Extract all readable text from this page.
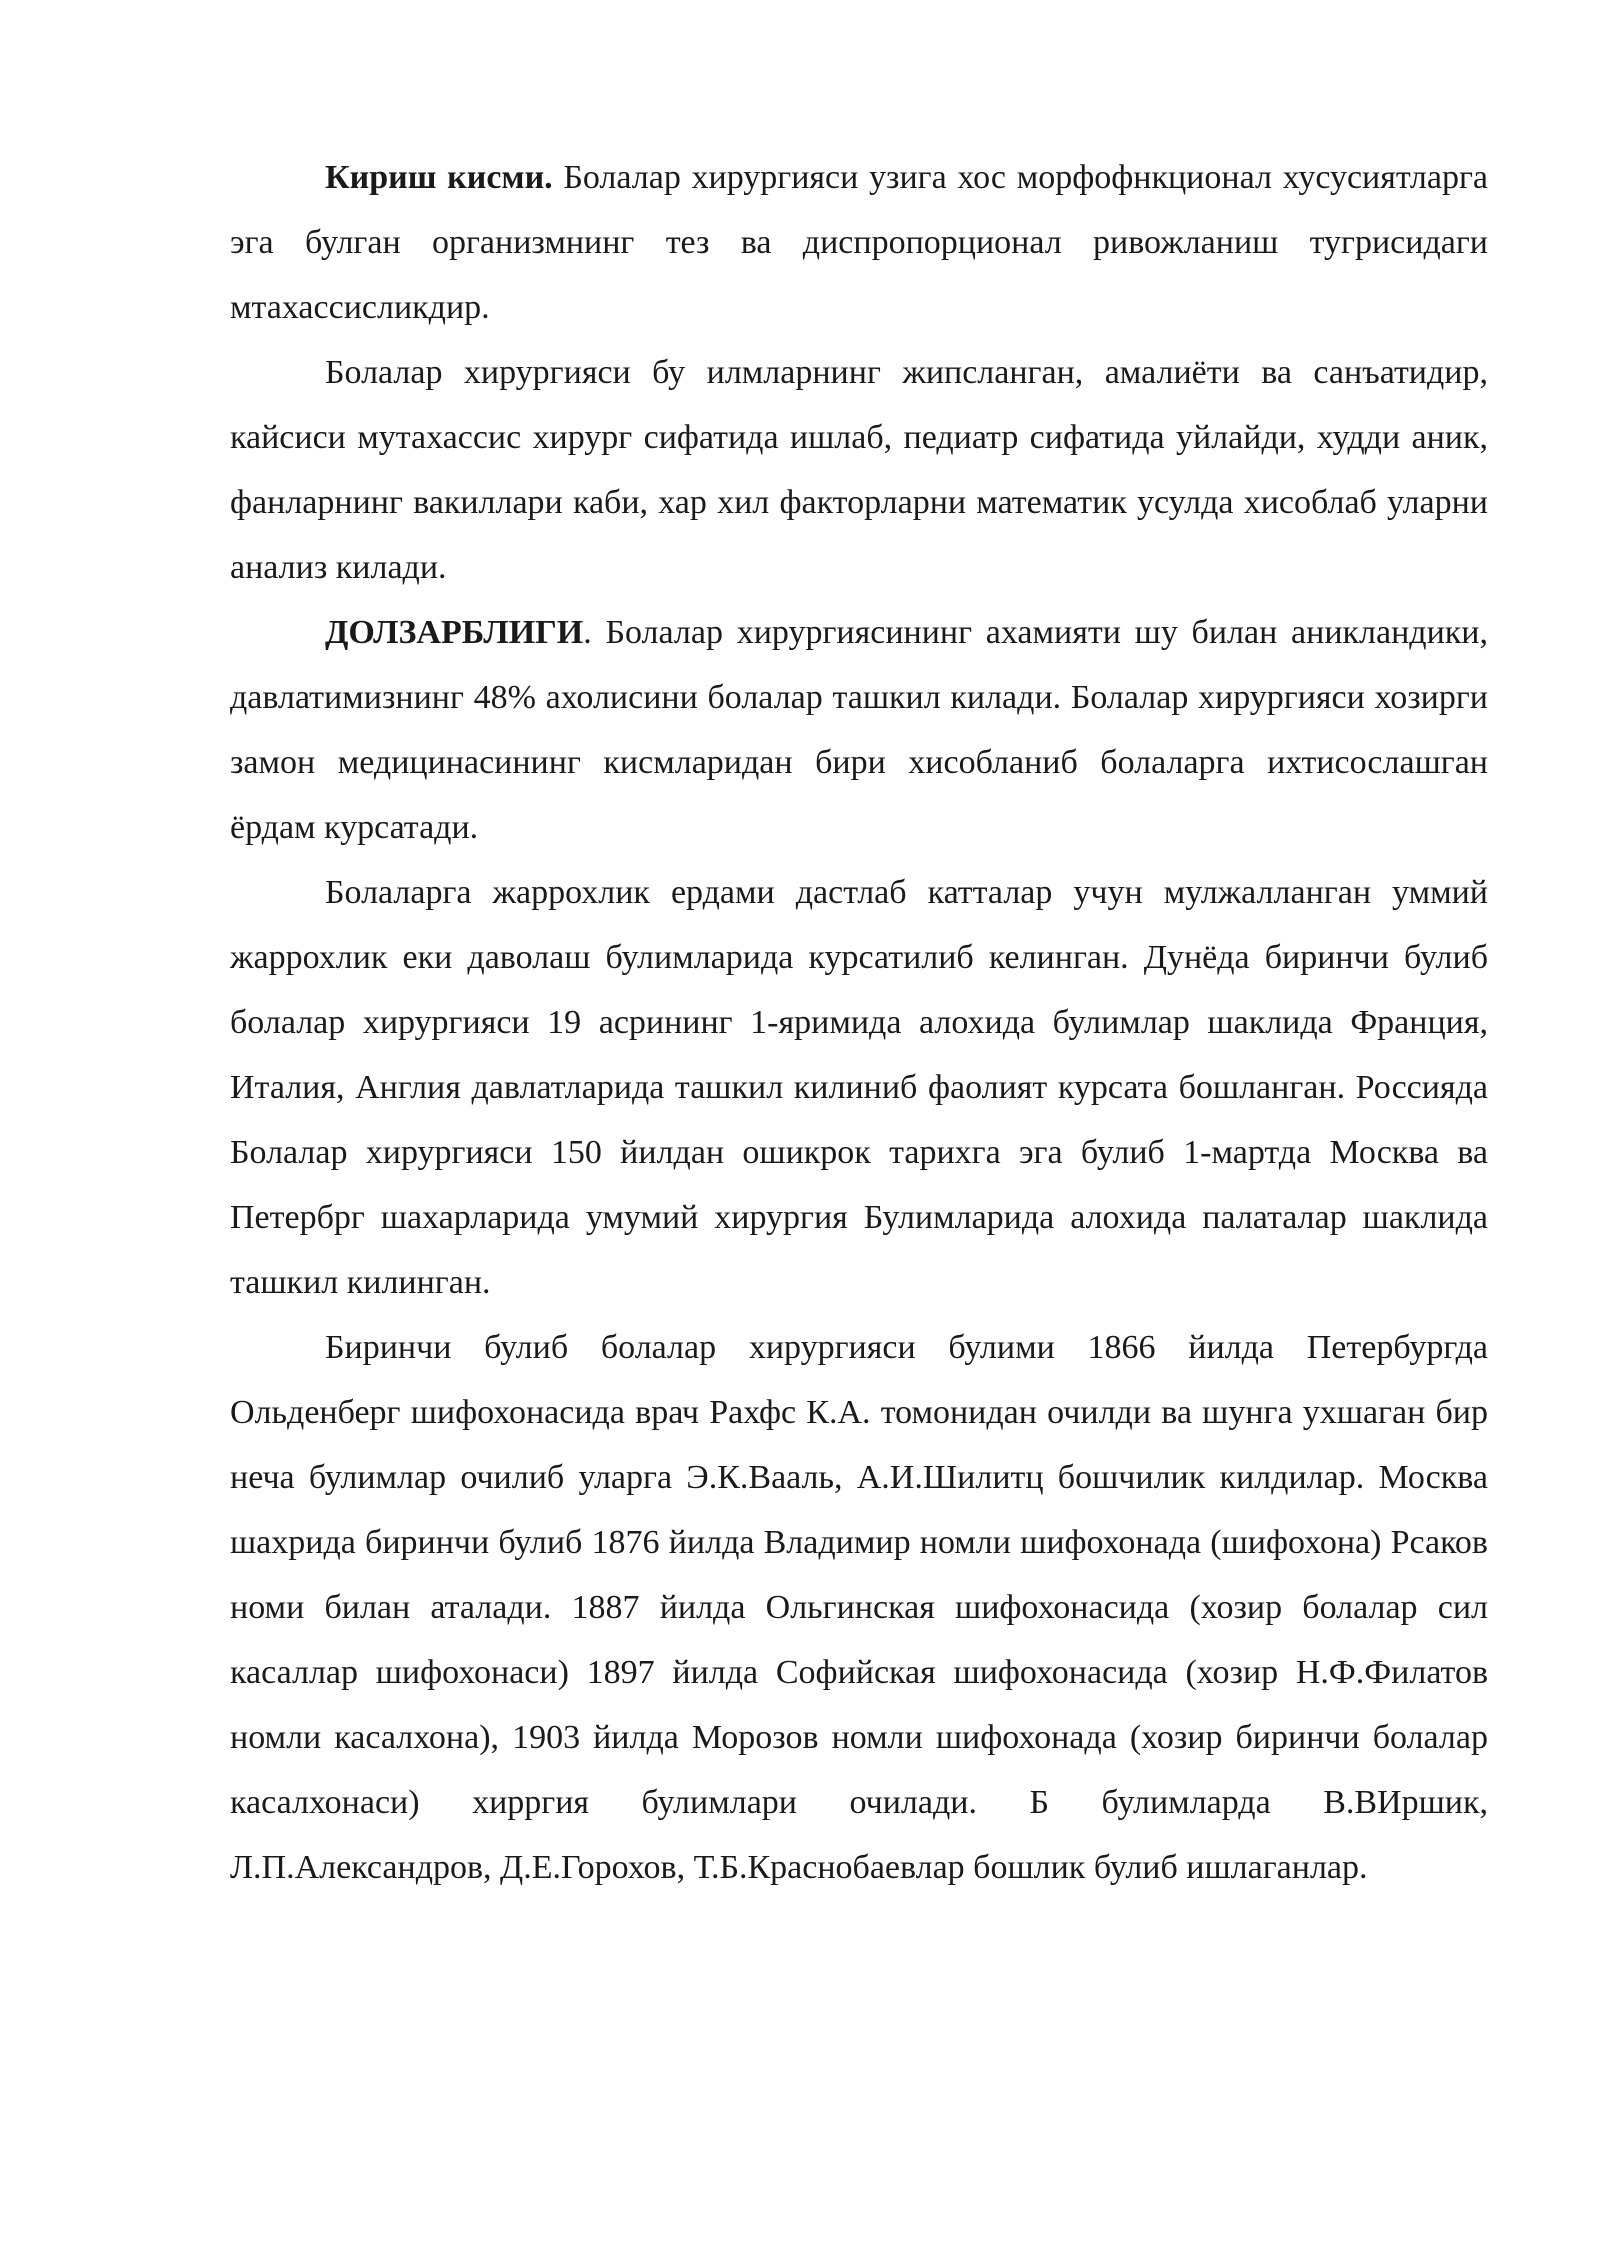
Кириш кисми. Болалар хирургияси узига хос морфофнкционал хусусиятларга эга булган организмнинг тез ва диспропорционал ривожланиш тугрисидаги мтахассисликдир.

Болалар хирургияси бу илмларнинг жипсланган, амалиёти ва санъатидир, кайсиси мутахассис хирург сифатида ишлаб, педиатр сифатида уйлайди, худди аник, фанларнинг вакиллари каби, хар хил факторларни математик усулда хисоблаб уларни анализ килади.

ДОЛЗАРБЛИГИ. Болалар хирургиясининг ахамияти шу билан аникландики, давлатимизнинг 48% ахолисини болалар ташкил килади. Болалар хирургияси хозирги замон медицинасининг кисмларидан бири хисобланиб болаларга ихтисослашган ёрдам курсатади.

Болаларга жаррохлик ердами дастлаб катталар учун мулжалланган уммий жаррохлик еки даволаш булимларида курсатилиб келинган. Дунёда биринчи булиб болалар хирургияси 19 асрининг 1-яримида алохида булимлар шаклида Франция, Италия, Англия давлатларида ташкил килиниб фаолият курсата бошланган. Россияда Болалар хирургияси 150 йилдан ошикрок тарихга эга булиб 1-мартда Москва ва Петербрг шахарларида умумий хирургия Булимларида алохида палаталар шаклида ташкил килинган.

Биринчи булиб болалар хирургияси булими 1866 йилда Петербургда Ольденберг шифохонасида врач Рахфс К.А. томонидан очилди ва шунга ухшаган бир неча булимлар очилиб уларга Э.К.Вааль, А.И.Шилитц бошчилик килдилар. Москва шахрида биринчи булиб 1876 йилда Владимир номли шифохонада (шифохона) Рсаков номи билан аталади. 1887 йилда Ольгинская шифохонасида (хозир болалар сил касаллар шифохонаси) 1897 йилда Софийская шифохонасида (хозир Н.Ф.Филатов номли касалхона), 1903 йилда Морозов номли шифохонада (хозир биринчи болалар касалхонаси) хирргия булимлари очилади. Б булимларда В.ВИршик, Л.П.Александров, Д.Е.Горохов, Т.Б.Краснобаевлар бошлик булиб ишлаганлар.
